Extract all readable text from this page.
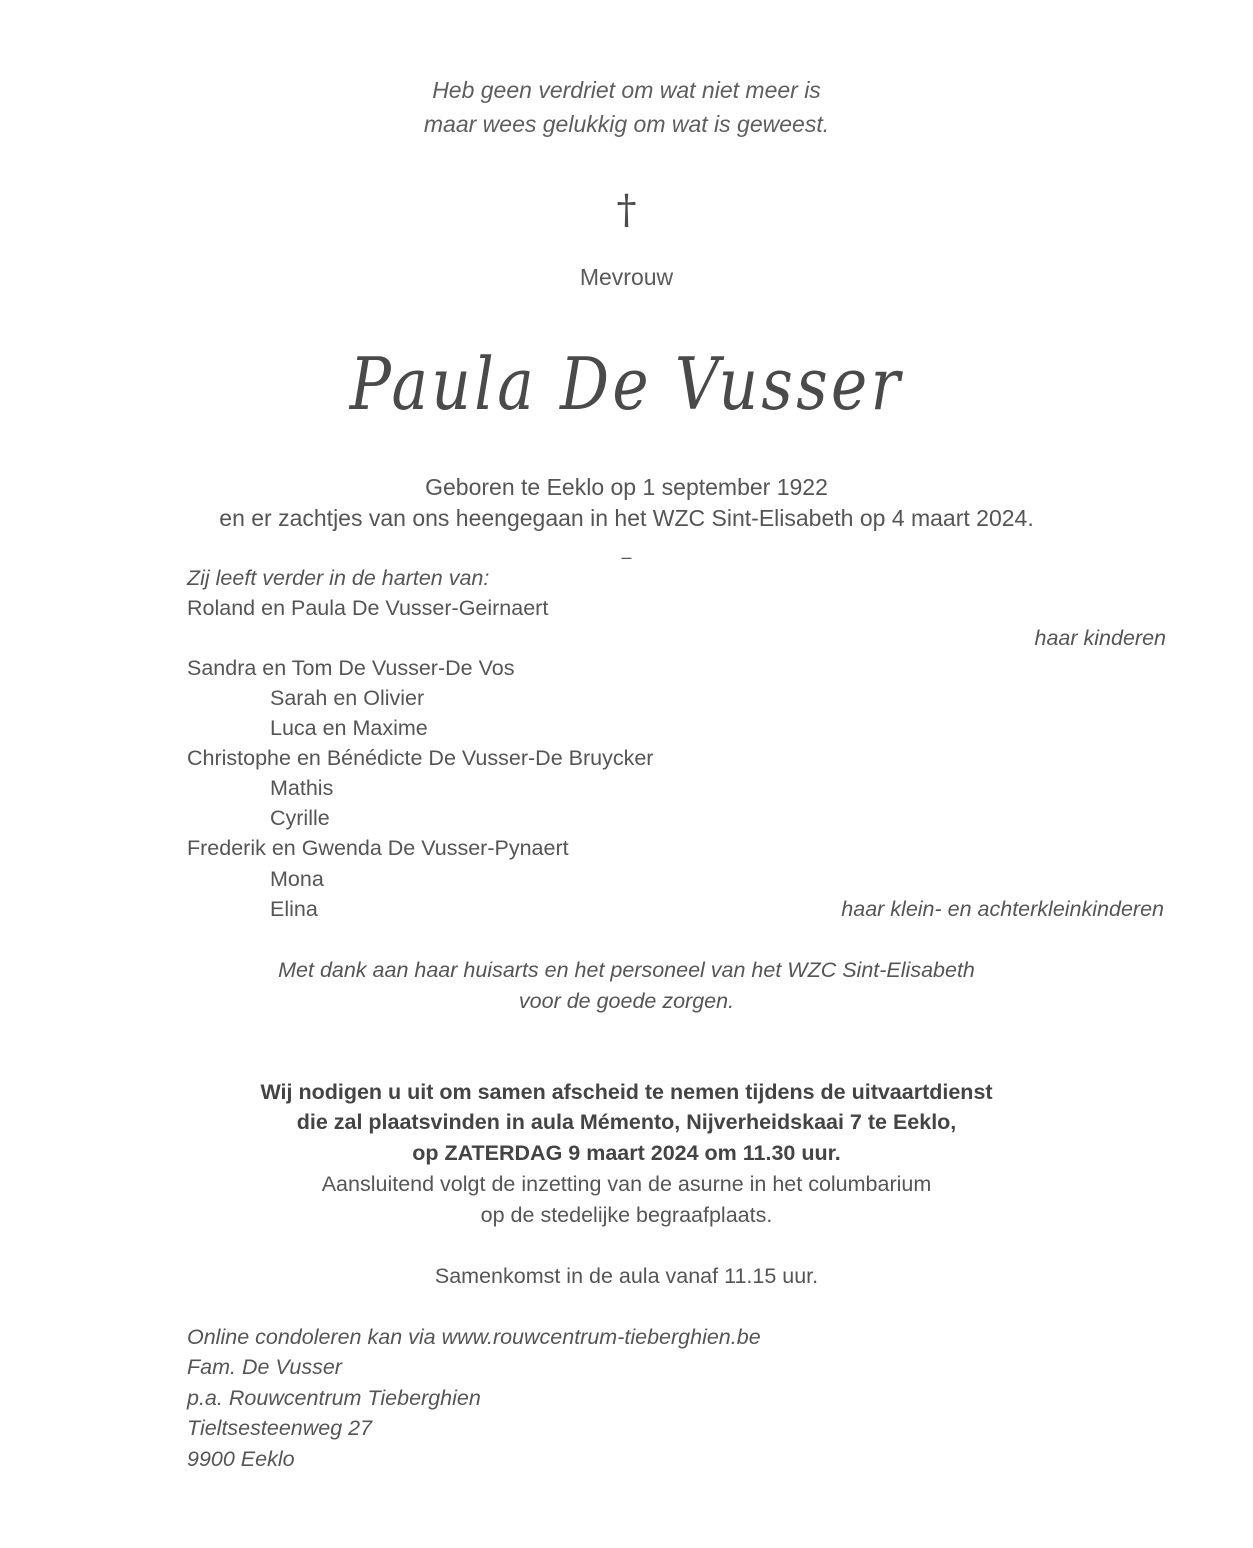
Heb geen verdriet om wat niet meer is

maar wees gelukkig om wat is geweest.

†

Mevrouw

Paula De Vusser

Geboren te Eeklo op 1 september 1922

en er zachtjes van ons heengegaan in het WZC Sint-Elisabeth op 4 maart 2024.

–

Zij leeft verder in de harten van:

Roland en Paula De Vusser-Geirnaert

haar kinderen

Sandra en Tom De Vusser-De Vos

Sarah en Olivier

Luca en Maxime

Christophe en Bénédicte De Vusser-De Bruycker

Mathis

Cyrille

Frederik en Gwenda De Vusser-Pynaert

Mona

Elina	haar klein- en achterkleinkinderen

Met dank aan haar huisarts en het personeel van het WZC Sint-Elisabeth

voor de goede zorgen.

Wij nodigen u uit om samen afscheid te nemen tijdens de uitvaartdienst

die zal plaatsvinden in aula Mémento, Nijverheidskaai 7 te Eeklo,

op ZATERDAG 9 maart 2024 om 11.30 uur.

Aansluitend volgt de inzetting van de asurne in het columbarium

op de stedelijke begraafplaats.

Samenkomst in de aula vanaf 11.15 uur.

Online condoleren kan via www.rouwcentrum-tieberghien.be

Fam. De Vusser

p.a. Rouwcentrum Tieberghien

Tieltsesteenweg 27

9900 Eeklo
